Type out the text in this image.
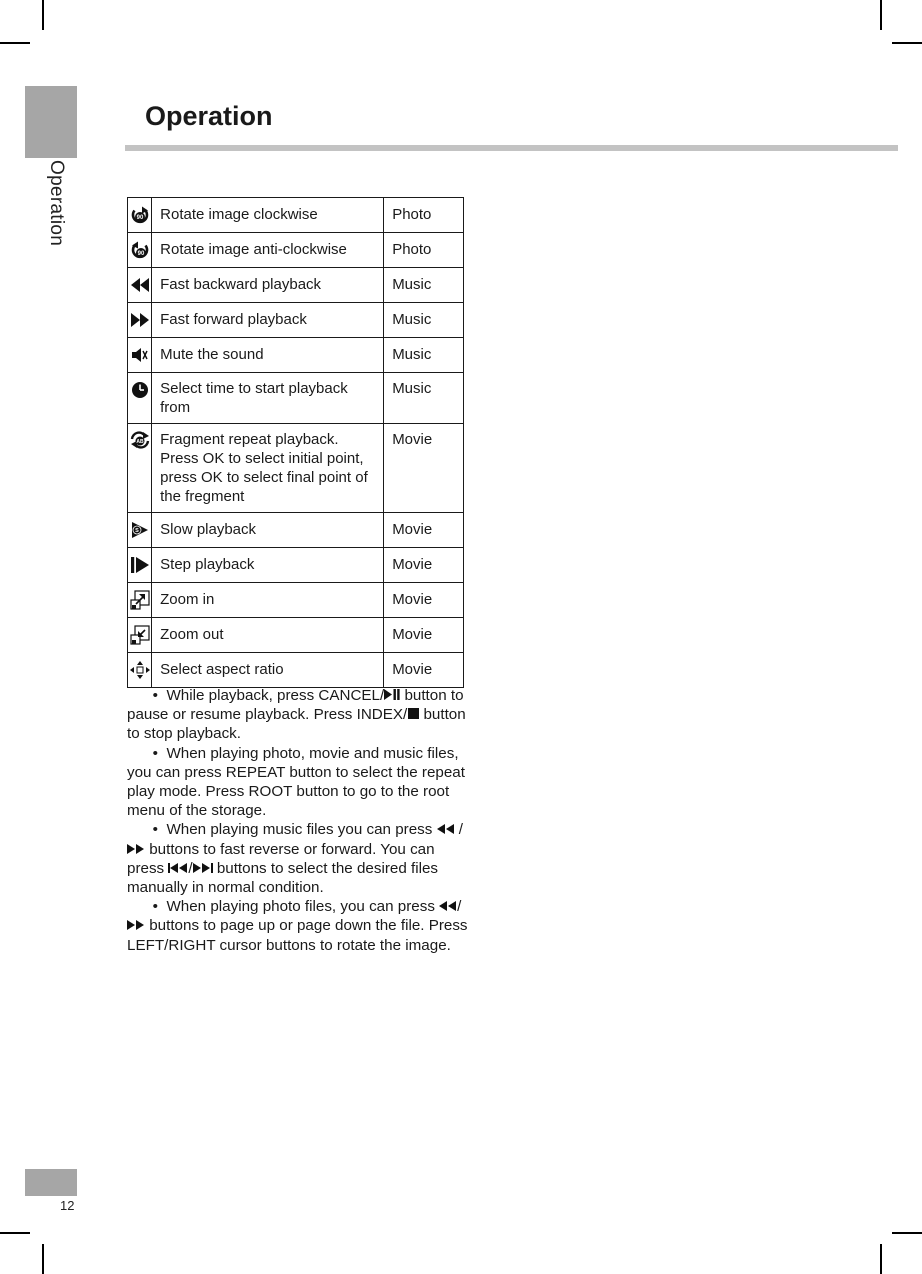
Operation
Operation
90	Rotate image clockwise	Photo

90	Rotate image anti-clockwise	Photo

	Fast backward playback	Music

	Fast forward playback	Music

	Mute the sound	Music

	Select time to start playback from	Music

AB	Fragment repeat playback. Press OK to select initial point, press OK to select final point of the fregment	Movie

S	Slow playback	Movie

	Step playback	Movie

	Zoom in	Movie

	Zoom out	Movie

	Select aspect ratio	Movie

• While playback, press CANCEL/ button to pause or resume playback. Press INDEX/ button to stop playback.

• When playing photo, movie and music files, you can press REPEAT button to select the repeat play mode. Press ROOT button to go to the root menu of the storage.

• When playing music files you can press  / buttons to fast reverse or forward. You can press / buttons to select the desired files manually in normal condition.

• When playing photo files, you can press / buttons to page up or page down the file. Press LEFT/RIGHT cursor buttons to rotate the image.

12
